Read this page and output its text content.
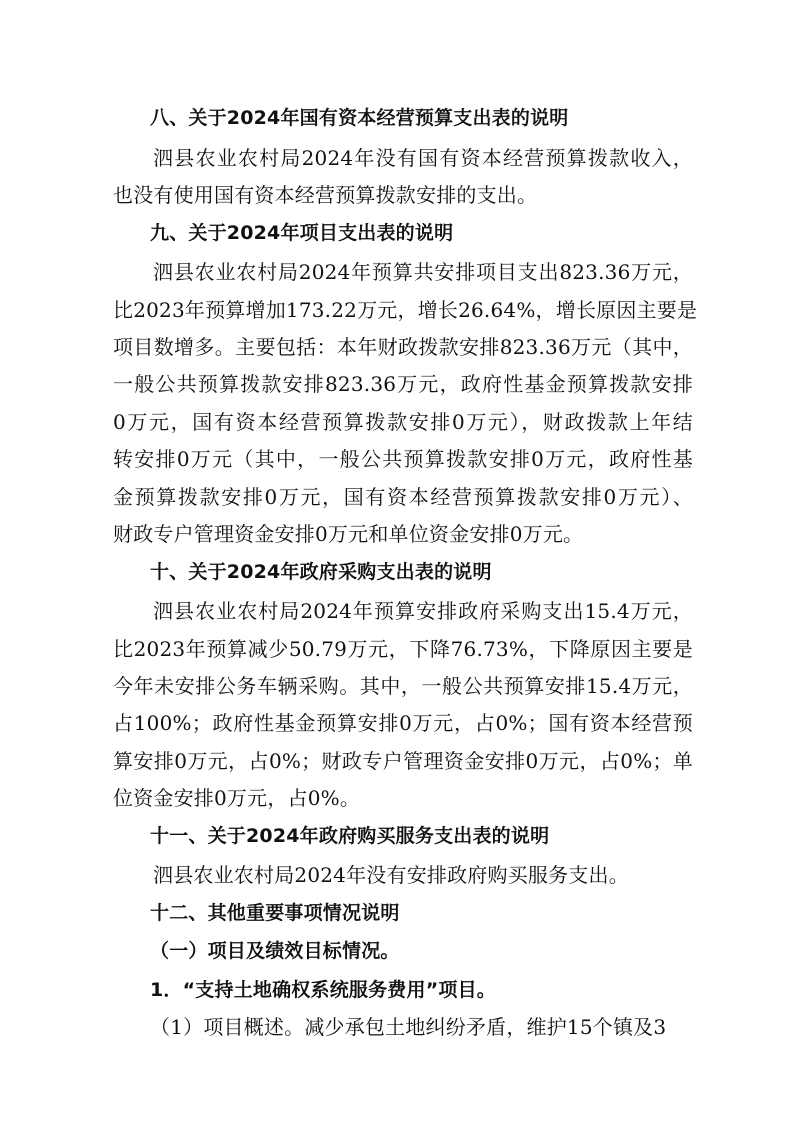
八、关于2024年国有资本经营预算支出表的说明
泗县农业农村局2024年没有国有资本经营预算拨款收入，
也没有使用国有资本经营预算拨款安排的支出。
九、关于2024年项目支出表的说明
泗县农业农村局2024年预算共安排项目支出823.36万元，
比2023年预算增加173.22万元，增长26.64%，增长原因主要是
项目数增多。主要包括：本年财政拨款安排823.36万元（其中，
一般公共预算拨款安排823.36万元，政府性基金预算拨款安排
0万元，国有资本经营预算拨款安排0万元），财政拨款上年结
转安排0万元（其中，一般公共预算拨款安排0万元，政府性基
金预算拨款安排0万元，国有资本经营预算拨款安排0万元）、
财政专户管理资金安排0万元和单位资金安排0万元。
十、关于2024年政府采购支出表的说明
泗县农业农村局2024年预算安排政府采购支出15.4万元，
比2023年预算减少50.79万元，下降76.73%，下降原因主要是
今年未安排公务车辆采购。其中，一般公共预算安排15.4万元，
占100%；政府性基金预算安排0万元，占0%；国有资本经营预
算安排0万元，占0%；财政专户管理资金安排0万元，占0%；单
位资金安排0万元，占0%。
十一、关于2024年政府购买服务支出表的说明
泗县农业农村局2024年没有安排政府购买服务支出。
十二、其他重要事项情况说明
（一）项目及绩效目标情况。
1．“支持土地确权系统服务费用”项目。
（1）项目概述。减少承包土地纠纷矛盾，维护15个镇及3
